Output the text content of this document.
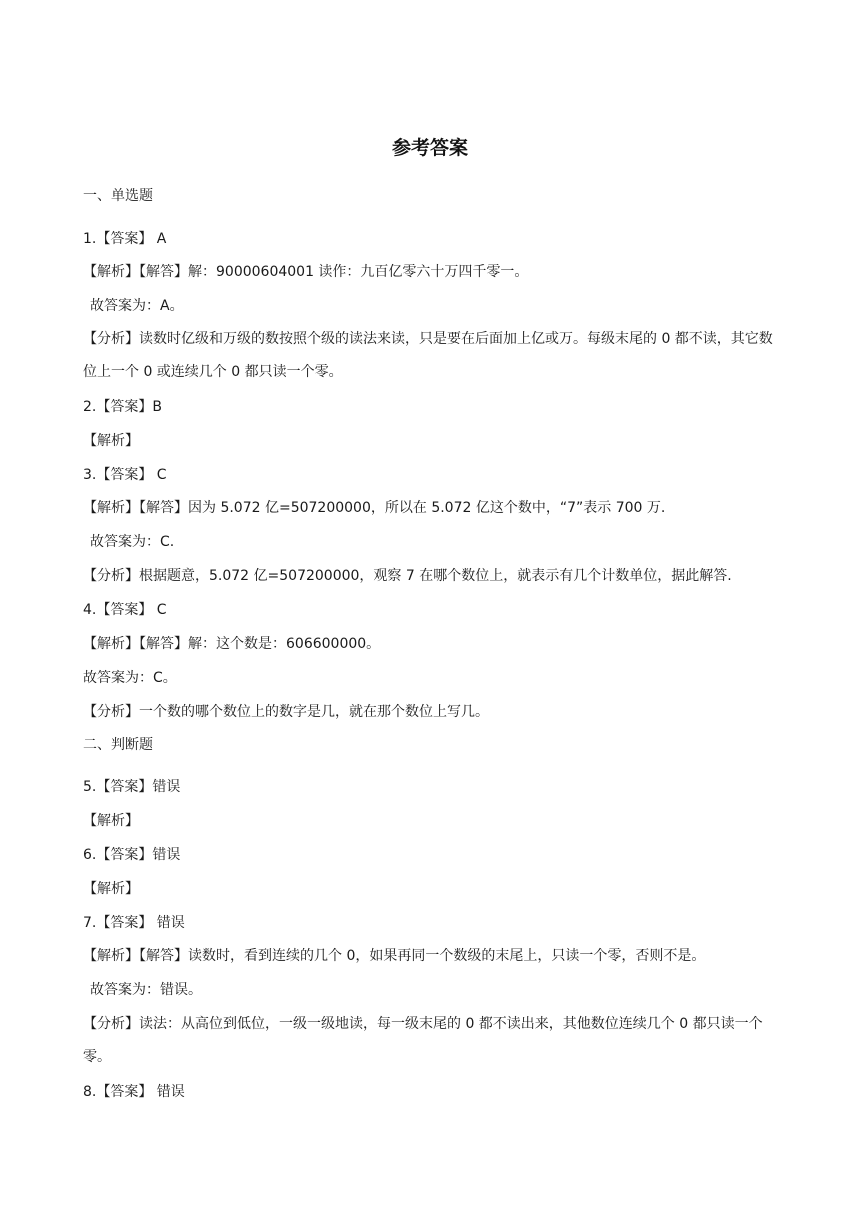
参考答案
一、单选题
1.【答案】 A
【解析】【解答】解：90000604001 读作：九百亿零六十万四千零一。
故答案为：A。
【分析】读数时亿级和万级的数按照个级的读法来读，只是要在后面加上亿或万。每级末尾的 0 都不读，其它数位上一个 0 或连续几个 0 都只读一个零。
2.【答案】B
【解析】
3.【答案】 C
【解析】【解答】因为 5.072 亿=507200000，所以在 5.072 亿这个数中，“7”表示 700 万.
故答案为：C.
【分析】根据题意，5.072 亿=507200000，观察 7 在哪个数位上，就表示有几个计数单位，据此解答.
4.【答案】 C
【解析】【解答】解：这个数是：606600000。
故答案为：C。
【分析】一个数的哪个数位上的数字是几，就在那个数位上写几。
二、判断题
5.【答案】错误
【解析】
6.【答案】错误
【解析】
7.【答案】 错误
【解析】【解答】读数时，看到连续的几个 0，如果再同一个数级的末尾上，只读一个零，否则不是。
故答案为：错误。
【分析】读法：从高位到低位，一级一级地读，每一级末尾的 0 都不读出来，其他数位连续几个 0 都只读一个零。
8.【答案】 错误
